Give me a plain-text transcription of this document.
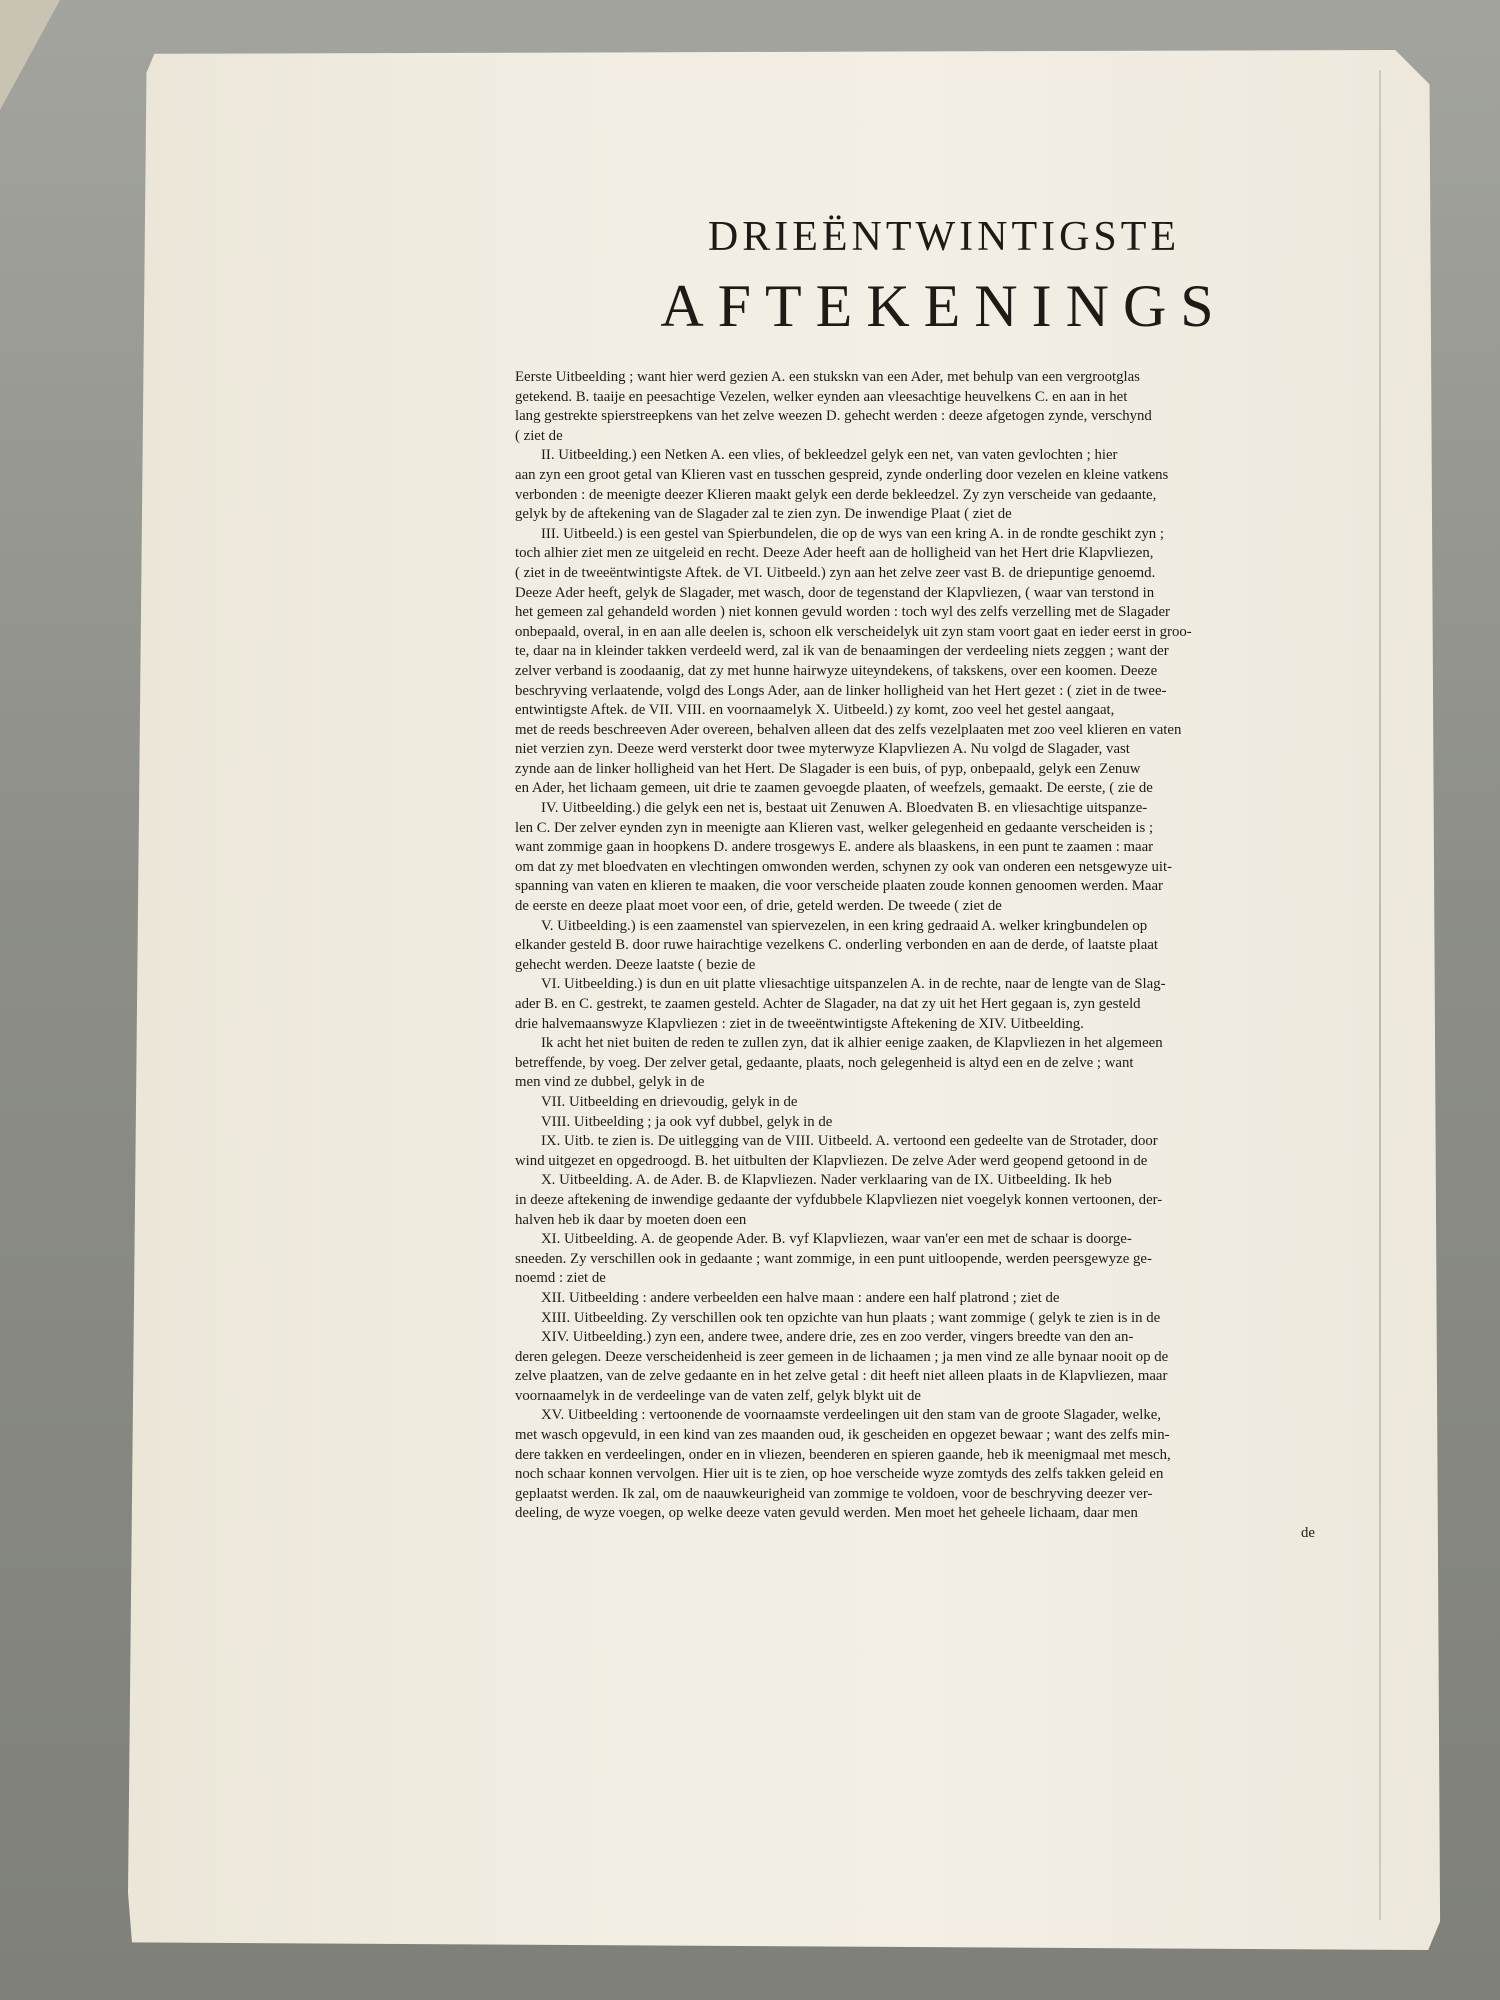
DRIEËNTWINTIGSTE
AFTEKENINGS
Eerste Uitbeelding ; want hier werd gezien A. een stukskn van een Ader, met behulp van een vergrootglas
getekend. B. taaije en peesachtige Vezelen, welker eynden aan vleesachtige heuvelkens C. en aan in het
lang gestrekte spierstreepkens van het zelve weezen D. gehecht werden : deeze afgetogen zynde, verschynd
( ziet de
II. Uitbeelding.) een Netken A. een vlies, of bekleedzel gelyk een net, van vaten gevlochten ; hier
aan zyn een groot getal van Klieren vast en tusschen gespreid, zynde onderling door vezelen en kleine vatkens
verbonden : de meenigte deezer Klieren maakt gelyk een derde bekleedzel. Zy zyn verscheide van gedaante,
gelyk by de aftekening van de Slagader zal te zien zyn. De inwendige Plaat ( ziet de
III. Uitbeeld.) is een gestel van Spierbundelen, die op de wys van een kring A. in de rondte geschikt zyn ;
toch alhier ziet men ze uitgeleid en recht. Deeze Ader heeft aan de holligheid van het Hert drie Klapvliezen,
( ziet in de tweeëntwintigste Aftek. de VI. Uitbeeld.) zyn aan het zelve zeer vast B. de driepuntige genoemd.
Deeze Ader heeft, gelyk de Slagader, met wasch, door de tegenstand der Klapvliezen, ( waar van terstond in
het gemeen zal gehandeld worden ) niet konnen gevuld worden : toch wyl des zelfs verzelling met de Slagader
onbepaald, overal, in en aan alle deelen is, schoon elk verscheidelyk uit zyn stam voort gaat en ieder eerst in groo-
te, daar na in kleinder takken verdeeld werd, zal ik van de benaamingen der verdeeling niets zeggen ; want der
zelver verband is zoodaanig, dat zy met hunne hairwyze uiteyndekens, of takskens, over een koomen. Deeze
beschryving verlaatende, volgd des Longs Ader, aan de linker holligheid van het Hert gezet : ( ziet in de twee-
entwintigste Aftek. de VII. VIII. en voornaamelyk X. Uitbeeld.) zy komt, zoo veel het gestel aangaat,
met de reeds beschreeven Ader overeen, behalven alleen dat des zelfs vezelplaaten met zoo veel klieren en vaten
niet verzien zyn. Deeze werd versterkt door twee myterwyze Klapvliezen A. Nu volgd de Slagader, vast
zynde aan de linker holligheid van het Hert. De Slagader is een buis, of pyp, onbepaald, gelyk een Zenuw
en Ader, het lichaam gemeen, uit drie te zaamen gevoegde plaaten, of weefzels, gemaakt. De eerste, ( zie de
IV. Uitbeelding.) die gelyk een net is, bestaat uit Zenuwen A. Bloedvaten B. en vliesachtige uitspanze-
len C. Der zelver eynden zyn in meenigte aan Klieren vast, welker gelegenheid en gedaante verscheiden is ;
want zommige gaan in hoopkens D. andere trosgewys E. andere als blaaskens, in een punt te zaamen : maar
om dat zy met bloedvaten en vlechtingen omwonden werden, schynen zy ook van onderen een netsgewyze uit-
spanning van vaten en klieren te maaken, die voor verscheide plaaten zoude konnen genoomen werden. Maar
de eerste en deeze plaat moet voor een, of drie, geteld werden. De tweede ( ziet de
V. Uitbeelding.) is een zaamenstel van spiervezelen, in een kring gedraaid A. welker kringbundelen op
elkander gesteld B. door ruwe hairachtige vezelkens C. onderling verbonden en aan de derde, of laatste plaat
gehecht werden. Deeze laatste ( bezie de
VI. Uitbeelding.) is dun en uit platte vliesachtige uitspanzelen A. in de rechte, naar de lengte van de Slag-
ader B. en C. gestrekt, te zaamen gesteld. Achter de Slagader, na dat zy uit het Hert gegaan is, zyn gesteld
drie halvemaanswyze Klapvliezen : ziet in de tweeëntwintigste Aftekening de XIV. Uitbeelding.
Ik acht het niet buiten de reden te zullen zyn, dat ik alhier eenige zaaken, de Klapvliezen in het algemeen
betreffende, by voeg. Der zelver getal, gedaante, plaats, noch gelegenheid is altyd een en de zelve ; want
men vind ze dubbel, gelyk in de
VII. Uitbeelding en drievoudig, gelyk in de
VIII. Uitbeelding ; ja ook vyf dubbel, gelyk in de
IX. Uitb. te zien is. De uitlegging van de VIII. Uitbeeld. A. vertoond een gedeelte van de Strotader, door
wind uitgezet en opgedroogd. B. het uitbulten der Klapvliezen. De zelve Ader werd geopend getoond in de
X. Uitbeelding. A. de Ader. B. de Klapvliezen. Nader verklaaring van de IX. Uitbeelding. Ik heb
in deeze aftekening de inwendige gedaante der vyfdubbele Klapvliezen niet voegelyk konnen vertoonen, der-
halven heb ik daar by moeten doen een
XI. Uitbeelding. A. de geopende Ader. B. vyf Klapvliezen, waar van'er een met de schaar is doorge-
sneeden. Zy verschillen ook in gedaante ; want zommige, in een punt uitloopende, werden peersgewyze ge-
noemd : ziet de
XII. Uitbeelding : andere verbeelden een halve maan : andere een half platrond ; ziet de
XIII. Uitbeelding. Zy verschillen ook ten opzichte van hun plaats ; want zommige ( gelyk te zien is in de
XIV. Uitbeelding.) zyn een, andere twee, andere drie, zes en zoo verder, vingers breedte van den an-
deren gelegen. Deeze verscheidenheid is zeer gemeen in de lichaamen ; ja men vind ze alle bynaar nooit op de
zelve plaatzen, van de zelve gedaante en in het zelve getal : dit heeft niet alleen plaats in de Klapvliezen, maar
voornaamelyk in de verdeelinge van de vaten zelf, gelyk blykt uit de
XV. Uitbeelding : vertoonende de voornaamste verdeelingen uit den stam van de groote Slagader, welke,
met wasch opgevuld, in een kind van zes maanden oud, ik gescheiden en opgezet bewaar ; want des zelfs min-
dere takken en verdeelingen, onder en in vliezen, beenderen en spieren gaande, heb ik meenigmaal met mesch,
noch schaar konnen vervolgen. Hier uit is te zien, op hoe verscheide wyze zomtyds des zelfs takken geleid en
geplaatst werden. Ik zal, om de naauwkeurigheid van zommige te voldoen, voor de beschryving deezer ver-
deeling, de wyze voegen, op welke deeze vaten gevuld werden. Men moet het geheele lichaam, daar men
de
